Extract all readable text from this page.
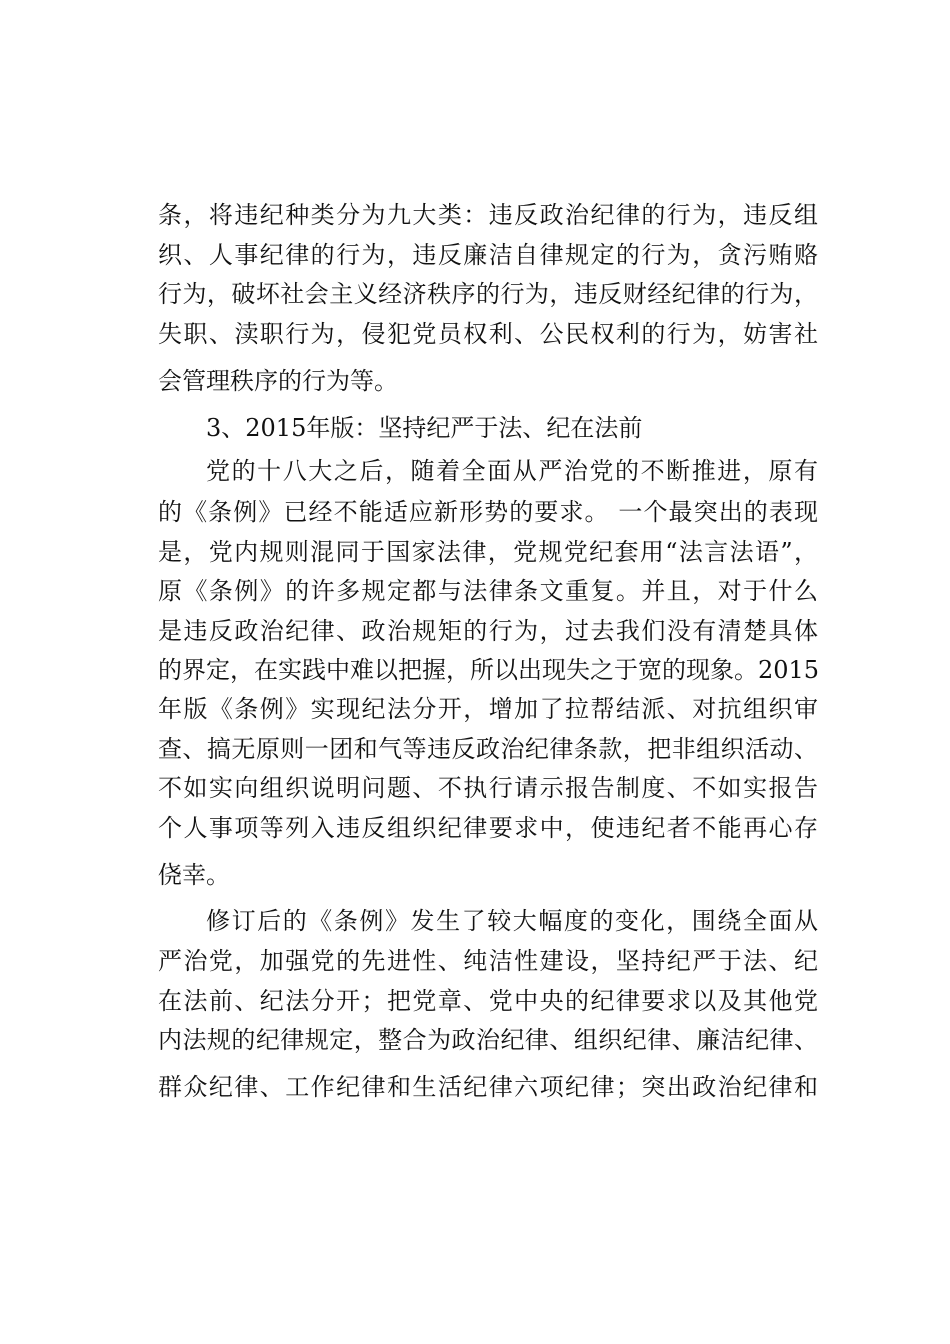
条，将违纪种类分为九大类：违反政治纪律的行为，违反组
织、人事纪律的行为，违反廉洁自律规定的行为，贪污贿赂
行为，破坏社会主义经济秩序的行为，违反财经纪律的行为，
失职、渎职行为，侵犯党员权利、公民权利的行为，妨害社
会管理秩序的行为等。
3、2015年版：坚持纪严于法、纪在法前
党的十八大之后，随着全面从严治党的不断推进，原有
的《条例》已经不能适应新形势的要求。 一个最突出的表现
是，党内规则混同于国家法律，党规党纪套用“法言法语”，
原《条例》的许多规定都与法律条文重复。并且，对于什么
是违反政治纪律、政治规矩的行为，过去我们没有清楚具体
的界定，在实践中难以把握，所以出现失之于宽的现象。2015
年版《条例》实现纪法分开，增加了拉帮结派、对抗组织审
查、搞无原则一团和气等违反政治纪律条款，把非组织活动、
不如实向组织说明问题、不执行请示报告制度、不如实报告
个人事项等列入违反组织纪律要求中，使违纪者不能再心存
侥幸。
修订后的《条例》发生了较大幅度的变化，围绕全面从
严治党，加强党的先进性、纯洁性建设，坚持纪严于法、纪
在法前、纪法分开；把党章、党中央的纪律要求以及其他党
内法规的纪律规定，整合为政治纪律、组织纪律、廉洁纪律、
群众纪律、工作纪律和生活纪律六项纪律；突出政治纪律和
